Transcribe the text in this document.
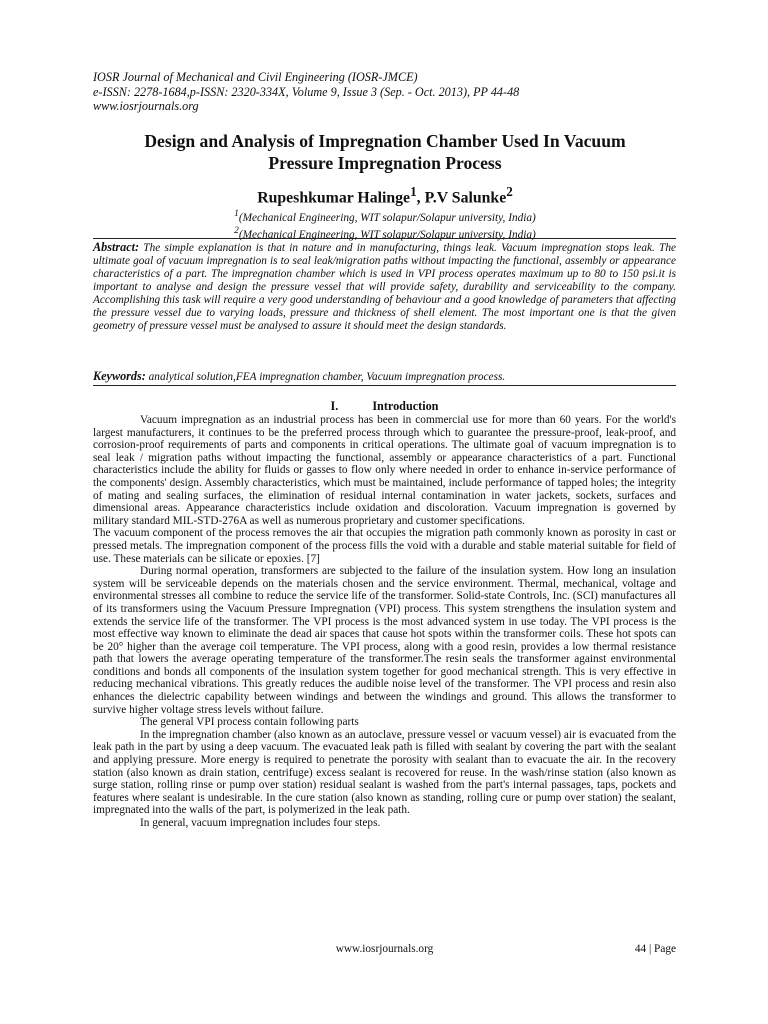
IOSR Journal of Mechanical and Civil Engineering (IOSR-JMCE)
e-ISSN: 2278-1684,p-ISSN: 2320-334X, Volume 9, Issue 3 (Sep. - Oct. 2013), PP 44-48
www.iosrjournals.org
Design and Analysis of Impregnation Chamber Used In Vacuum
Pressure Impregnation Process
Rupeshkumar Halinge$^1$, P.V Salunke$^2$
$^1$(Mechanical Engineering, WIT solapur/Solapur university, India)
$^2$(Mechanical Engineering, WIT solapur/Solapur university, India)
Abstract: The simple explanation is that in nature and in manufacturing, things leak. Vacuum impregnation stops leak. The ultimate goal of vacuum impregnation is to seal leak/migration paths without impacting the functional, assembly or appearance characteristics of a part. The impregnation chamber which is used in VPI process operates maximum up to 80 to 150 psi.it is important to analyse and design the pressure vessel that will provide safety, durability and serviceability to the company. Accomplishing this task will require a very good understanding of behaviour and a good knowledge of parameters that affecting the pressure vessel due to varying loads, pressure and thickness of shell element. The most important one is that the given geometry of pressure vessel must be analysed to assure it should meet the design standards.
Keywords: analytical solution,FEA impregnation chamber, Vacuum impregnation process.
I.	Introduction

Vacuum impregnation as an industrial process has been in commercial use for more than 60 years. For the world's largest manufacturers, it continues to be the preferred process through which to guarantee the pressure-proof, leak-proof, and corrosion-proof requirements of parts and components in critical operations. The ultimate goal of vacuum impregnation is to seal leak / migration paths without impacting the functional, assembly or appearance characteristics of a part. Functional characteristics include the ability for fluids or gasses to flow only where needed in order to enhance in-service performance of the components' design. Assembly characteristics, which must be maintained, include performance of tapped holes; the integrity of mating and sealing surfaces, the elimination of residual internal contamination in water jackets, sockets, surfaces and dimensional areas. Appearance characteristics include oxidation and discoloration. Vacuum impregnation is governed by military standard MIL-STD-276A as well as numerous proprietary and customer specifications.

The vacuum component of the process removes the air that occupies the migration path commonly known as porosity in cast or pressed metals. The impregnation component of the process fills the void with a durable and stable material suitable for field of use. These materials can be silicate or epoxies. [7]

During normal operation, transformers are subjected to the failure of the insulation system. How long an insulation system will be serviceable depends on the materials chosen and the service environment. Thermal, mechanical, voltage and environmental stresses all combine to reduce the service life of the transformer. Solid-state Controls, Inc. (SCI) manufactures all of its transformers using the Vacuum Pressure Impregnation (VPI) process. This system strengthens the insulation system and extends the service life of the transformer. The VPI process is the most advanced system in use today. The VPI process is the most effective way known to eliminate the dead air spaces that cause hot spots within the transformer coils. These hot spots can be 20° higher than the average coil temperature. The VPI process, along with a good resin, provides a low thermal resistance path that lowers the average operating temperature of the transformer.The resin seals the transformer against environmental conditions and bonds all components of the insulation system together for good mechanical strength. This is very effective in reducing mechanical vibrations. This greatly reduces the audible noise level of the transformer. The VPI process and resin also enhances the dielectric capability between windings and between the windings and ground. This allows the transformer to survive higher voltage stress levels without failure.

The general VPI process contain following parts

In the impregnation chamber (also known as an autoclave, pressure vessel or vacuum vessel) air is evacuated from the leak path in the part by using a deep vacuum. The evacuated leak path is filled with sealant by covering the part with the sealant and applying pressure. More energy is required to penetrate the porosity with sealant than to evacuate the air. In the recovery station (also known as drain station, centrifuge) excess sealant is recovered for reuse. In the wash/rinse station (also known as surge station, rolling rinse or pump over station) residual sealant is washed from the part's internal passages, taps, pockets and features where sealant is undesirable. In the cure station (also known as standing, rolling cure or pump over station) the sealant, impregnated into the walls of the part, is polymerized in the leak path.

In general, vacuum impregnation includes four steps.

www.iosrjournals.org	44 | Page
